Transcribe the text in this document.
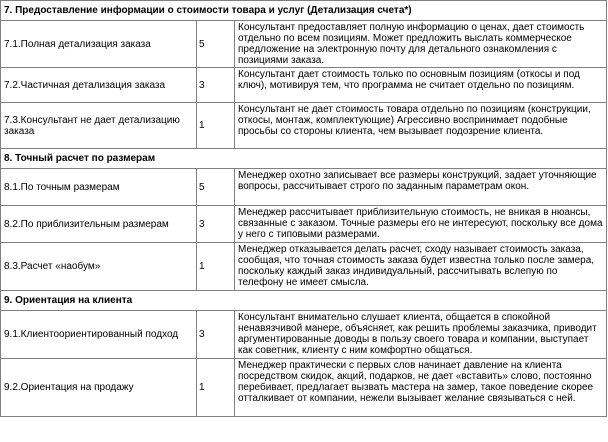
7. Предоставление информации о стоимости товара и услуг (Детализация счета*)		
7.1.Полная детализация заказа	5	Консультант предоставляет полную информацию о ценах, дает стоимость отдельно по всем позициям. Может предложить выслать коммерческое предложение на электронную почту для детального ознакомления с позициями заказа.
7.2.Частичная детализация заказа	3	Консультант дает стоимость только по основным позициям (откосы и под ключ), мотивируя тем, что программа не считает отдельно по позициям.
7.3.Консультант не дает детализацию заказа	1	Консультант не дает стоимость товара отдельно по позициям (конструкции, откосы, монтаж, комплектующие) Агрессивно воспринимает подобные просьбы со стороны клиента, чем вызывает подозрение клиента.
8. Точный расчет по размерам		
8.1.По точным размерам	5	Менеджер охотно записывает все размеры конструкций, задает уточняющие вопросы, рассчитывает строго по заданным параметрам окон.
8.2.По приблизительным размерам	3	Менеджер рассчитывает приблизительную стоимость, не вникая в нюансы, связанные с заказом. Точные размеры его не интересуют, поскольку все дома у него с типовыми размерами.
8.3.Расчет «наобум»	1	Менеджер отказывается делать расчет, сходу называет стоимость заказа, сообщая, что точная стоимость заказа будет известна только после замера, поскольку каждый заказ индивидуальный, рассчитывать вслепую по телефону не имеет смысла.
9. Ориентация на клиента		
9.1.Клиентоориентированный подход	3	Консультант внимательно слушает клиента, общается в спокойной ненавязчивой манере, объясняет, как решить проблемы заказчика, приводит аргументированные доводы в пользу своего товара и компании, выступает как советник, клиенту с ним комфортно общаться.
9.2.Ориентация на продажу	1	Менеджер практически с первых слов начинает давление на клиента посредством скидок, акций, подарков, не дает «вставить» слово, постоянно перебивает, предлагает вызвать мастера на замер, такое поведение скорее отталкивает от компании, нежели вызывает желание связываться с ней.
